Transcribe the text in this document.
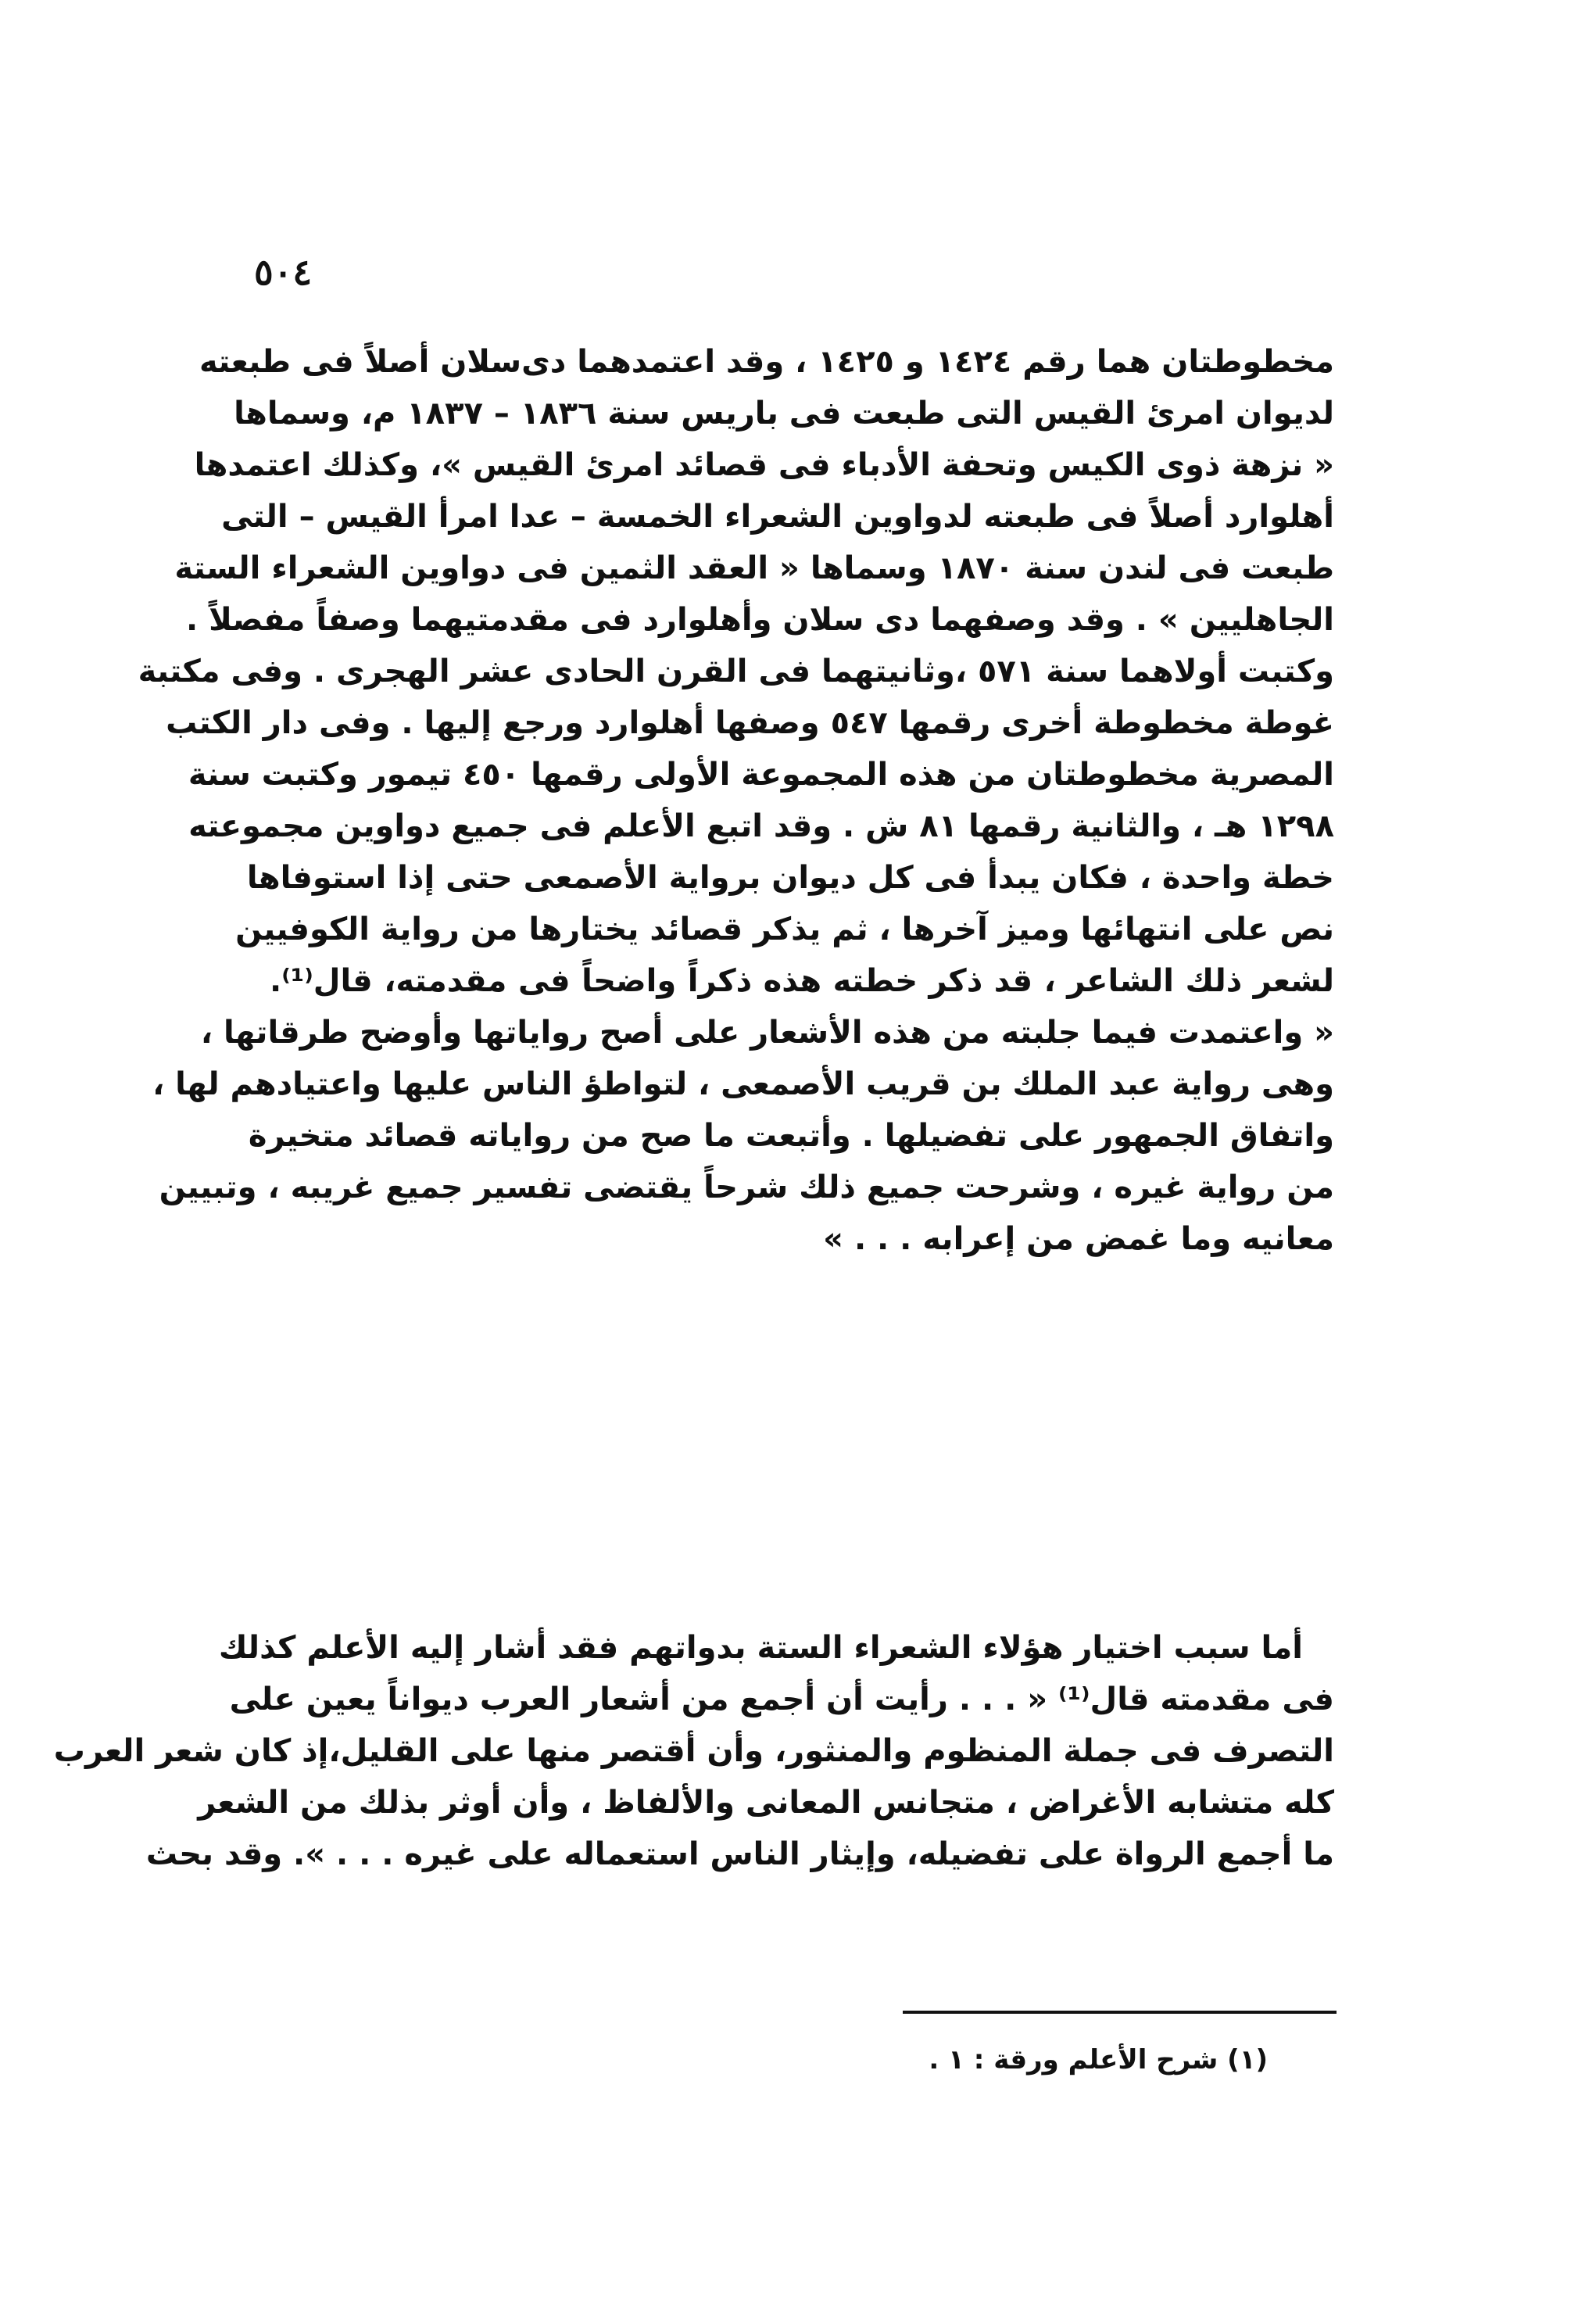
٥٠٤
مخطوطتان هما رقم ١٤٢٤ و ١٤٢٥ ، وقد اعتمدهما دى‌سلان أصلاً فى طبعته
لديوان امرئ القيس التى طبعت فى باريس سنة ١٨٣٦ – ١٨٣٧ م، وسماها
« نزهة ذوى الكيس وتحفة الأدباء فى قصائد امرئ القيس »، وكذلك اعتمدها
أهلوارد أصلاً فى طبعته لدواوين الشعراء الخمسة – عدا امرأ القيس – التى
طبعت فى لندن سنة ١٨٧٠ وسماها « العقد الثمين فى دواوين الشعراء الستة
الجاهليين » . وقد وصفهما دى سلان وأهلوارد فى مقدمتيهما وصفاً مفصلاً .
وكتبت أولاهما سنة ٥٧١ ،وثانيتهما فى القرن الحادى عشر الهجرى . وفى مكتبة
غوطة مخطوطة أخرى رقمها ٥٤٧ وصفها أهلوارد ورجع إليها . وفى دار الكتب
المصرية مخطوطتان من هذه المجموعة الأولى رقمها ٤٥٠ تيمور وكتبت سنة
١٢٩٨ هـ ، والثانية رقمها ٨١ ش . وقد اتبع الأعلم فى جميع دواوين مجموعته
خطة واحدة ، فكان يبدأ فى كل ديوان برواية الأصمعى حتى إذا استوفاها
نص على انتهائها وميز آخرها ، ثم يذكر قصائد يختارها من رواية الكوفيين
لشعر ذلك الشاعر ، قد ذكر خطته هذه ذكراً واضحاً فى مقدمته، قال⁽¹⁾.
« واعتمدت فيما جلبته من هذه الأشعار على أصح رواياتها وأوضح طرقاتها ،
وهى رواية عبد الملك بن قريب الأصمعى ، لتواطؤ الناس عليها واعتيادهم لها ،
واتفاق الجمهور على تفضيلها . وأتبعت ما صح من رواياته قصائد متخيرة
من رواية غيره ، وشرحت جميع ذلك شرحاً يقتضى تفسير جميع غريبه ، وتبيين
معانيه وما غمض من إعرابه . . . »
أما سبب اختيار هؤلاء الشعراء الستة بدواتهم فقد أشار إليه الأعلم كذلك
فى مقدمته قال⁽¹⁾ « . . . رأيت أن أجمع من أشعار العرب ديواناً يعين على
التصرف فى جملة المنظوم والمنثور، وأن أقتصر منها على القليل،إذ كان شعر العرب
كله متشابه الأغراض ، متجانس المعانى والألفاظ ، وأن أوثر بذلك من الشعر
ما أجمع الرواة على تفضيله، وإيثار الناس استعماله على غيره . . . ». وقد بحث
(١) شرح الأعلم ورقة : ١ .
